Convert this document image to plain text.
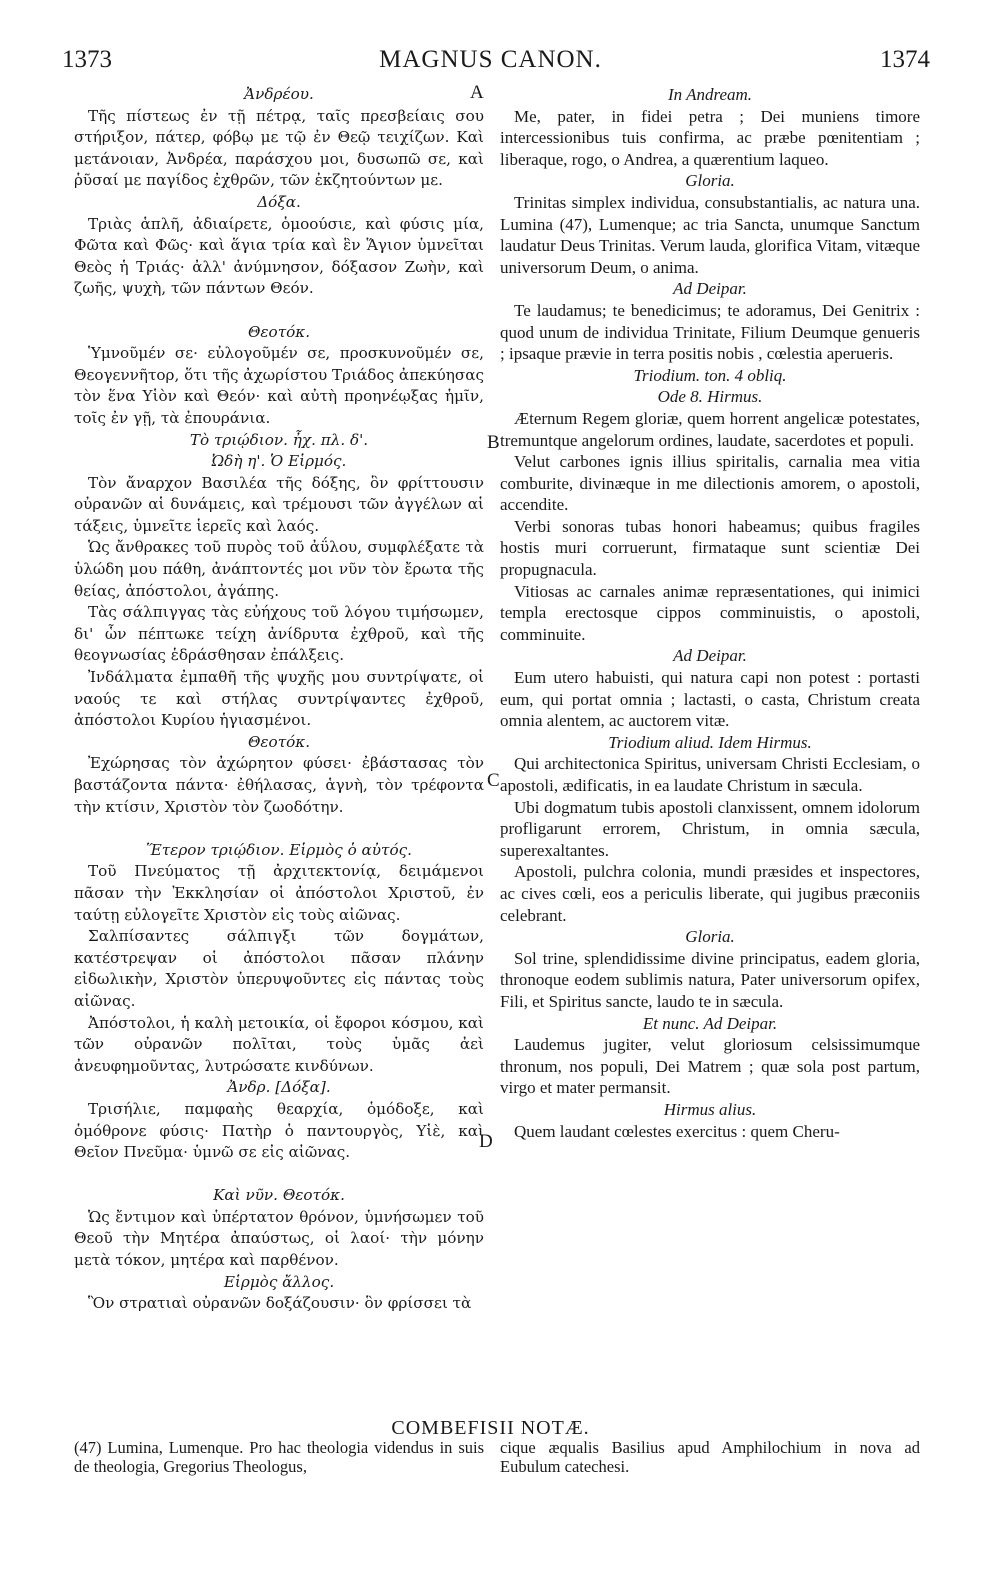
1373	MAGNUS CANON.	1374
A
B
C
D

Ἀνδρέου.

Τῆς πίστεως ἐν τῇ πέτρᾳ, ταῖς πρεσβείαις σου στήριξον, πάτερ, φόβῳ με τῷ ἐν Θεῷ τειχίζων. Καὶ μετάνοιαν, Ἀνδρέα, παράσχου μοι, δυσωπῶ σε, καὶ ῥῦσαί με παγίδος ἐχθρῶν, τῶν ἐκζητούντων με.

Δόξα.

Τριὰς ἁπλῆ, ἀδιαίρετε, ὁμοούσιε, καὶ φύσις μία, Φῶτα καὶ Φῶς· καὶ ἅγια τρία καὶ ἓν Ἅγιον ὑμνεῖται Θεὸς ἡ Τριάς· ἀλλ' ἀνύμνησον, δόξασον Ζωὴν, καὶ ζωῆς, ψυχὴ, τῶν πάντων Θεόν.

Θεοτόκ.

Ὑμνοῦμέν σε· εὐλογοῦμέν σε, προσκυνοῦμέν σε, Θεογεννῆτορ, ὅτι τῆς ἀχωρίστου Τριάδος ἀπεκύησας τὸν ἕνα Υἱὸν καὶ Θεόν· καὶ αὐτὴ προηνέῳξας ἡμῖν, τοῖς ἐν γῇ, τὰ ἐπουράνια.

Τὸ τριῴδιον. ἦχ. πλ. δ'.

Ὠδὴ η'. Ὁ Εἱρμός.

Τὸν ἄναρχον Βασιλέα τῆς δόξης, ὃν φρίττουσιν οὐρανῶν αἱ δυνάμεις, καὶ τρέμουσι τῶν ἀγγέλων αἱ τάξεις, ὑμνεῖτε ἱερεῖς καὶ λαός.

Ὡς ἄνθρακες τοῦ πυρὸς τοῦ ἀΰλου, συμφλέξατε τὰ ὑλώδη μου πάθη, ἀνάπτοντές μοι νῦν τὸν ἔρωτα τῆς θείας, ἀπόστολοι, ἀγάπης.

Τὰς σάλπιγγας τὰς εὐήχους τοῦ λόγου τιμήσωμεν, δι' ὧν πέπτωκε τείχη ἀνίδρυτα ἐχθροῦ, καὶ τῆς θεογνωσίας ἑδράσθησαν ἐπάλξεις.

Ἰνδάλματα ἐμπαθῆ τῆς ψυχῆς μου συντρίψατε, οἱ ναούς τε καὶ στήλας συντρίψαντες ἐχθροῦ, ἀπόστολοι Κυρίου ἡγιασμένοι.

Θεοτόκ.

Ἐχώρησας τὸν ἀχώρητον φύσει· ἐβάστασας τὸν βαστάζοντα πάντα· ἐθήλασας, ἁγνὴ, τὸν τρέφοντα τὴν κτίσιν, Χριστὸν τὸν ζωοδότην.

Ἕτερον τριῴδιον. Εἱρμὸς ὁ αὐτός.

Τοῦ Πνεύματος τῇ ἀρχιτεκτονίᾳ, δειμάμενοι πᾶσαν τὴν Ἐκκλησίαν οἱ ἀπόστολοι Χριστοῦ, ἐν ταύτῃ εὐλογεῖτε Χριστὸν εἰς τοὺς αἰῶνας.

Σαλπίσαντες σάλπιγξι τῶν δογμάτων, κατέστρεψαν οἱ ἀπόστολοι πᾶσαν πλάνην εἰδωλικὴν, Χριστὸν ὑπερυψοῦντες εἰς πάντας τοὺς αἰῶνας.

Ἀπόστολοι, ἡ καλὴ μετοικία, οἱ ἔφοροι κόσμου, καὶ τῶν οὐρανῶν πολῖται, τοὺς ὑμᾶς ἀεὶ ἀνευφημοῦντας, λυτρώσατε κινδύνων.

Ἀνδρ. [Δόξα].

Τρισήλιε, παμφαὴς θεαρχία, ὁμόδοξε, καὶ ὁμόθρονε φύσις· Πατὴρ ὁ παντουργὸς, Υἱὲ, καὶ Θεῖον Πνεῦμα· ὑμνῶ σε εἰς αἰῶνας.

Καὶ νῦν. Θεοτόκ.

Ὡς ἔντιμον καὶ ὑπέρτατον θρόνον, ὑμνήσωμεν τοῦ Θεοῦ τὴν Μητέρα ἀπαύστως, οἱ λαοί· τὴν μόνην μετὰ τόκον, μητέρα καὶ παρθένον.

Εἱρμὸς ἄλλος.

Ὃν στρατιαὶ οὐρανῶν δοξάζουσιν· ὃν φρίσσει τὰ

In Andream.

Me, pater, in fidei petra ; Dei muniens timore intercessionibus tuis confirma, ac præbe pœnitentiam ; liberaque, rogo, o Andrea, a quærentium laqueo.

Gloria.

Trinitas simplex individua, consubstantialis, ac natura una. Lumina (47), Lumenque; ac tria Sancta, unumque Sanctum laudatur Deus Trinitas. Verum lauda, glorifica Vitam, vitæque universorum Deum, o anima.

Ad Deipar.

Te laudamus; te benedicimus; te adoramus, Dei Genitrix : quod unum de individua Trinitate, Filium Deumque genueris ; ipsaque prævie in terra positis nobis , cœlestia aperueris.

Triodium. ton. 4 obliq.

Ode 8. Hirmus.

Æternum Regem gloriæ, quem horrent angelicæ potestates, tremuntque angelorum ordines, laudate, sacerdotes et populi.

Velut carbones ignis illius spiritalis, carnalia mea vitia comburite, divinæque in me dilectionis amorem, o apostoli, accendite.

Verbi sonoras tubas honori habeamus; quibus fragiles hostis muri corruerunt, firmataque sunt scientiæ Dei propugnacula.

Vitiosas ac carnales animæ repræsentationes, qui inimici templa erectosque cippos comminuistis, o apostoli, comminuite.

Ad Deipar.

Eum utero habuisti, qui natura capi non potest : portasti eum, qui portat omnia ; lactasti, o casta, Christum creata omnia alentem, ac auctorem vitæ.

Triodium aliud. Idem Hirmus.

Qui architectonica Spiritus, universam Christi Ecclesiam, o apostoli, ædificatis, in ea laudate Christum in sæcula.

Ubi dogmatum tubis apostoli clanxissent, omnem idolorum profligarunt errorem, Christum, in omnia sæcula, superexaltantes.

Apostoli, pulchra colonia, mundi præsides et inspectores, ac cives cœli, eos a periculis liberate, qui jugibus præconiis celebrant.

Gloria.

Sol trine, splendidissime divine principatus, eadem gloria, thronoque eodem sublimis natura, Pater universorum opifex, Fili, et Spiritus sancte, laudo te in sæcula.

Et nunc. Ad Deipar.

Laudemus jugiter, velut gloriosum celsissimumque thronum, nos populi, Dei Matrem ; quæ sola post partum, virgo et mater permansit.

Hirmus alius.

Quem laudant cœlestes exercitus : quem Cheru-

COMBEFISII NOTÆ.
(47) Lumina, Lumenque. Pro hac theologia videndus in suis de theologia, Gregorius Theologus,
cique æqualis Basilius apud Amphilochium in nova ad Eubulum catechesi.
